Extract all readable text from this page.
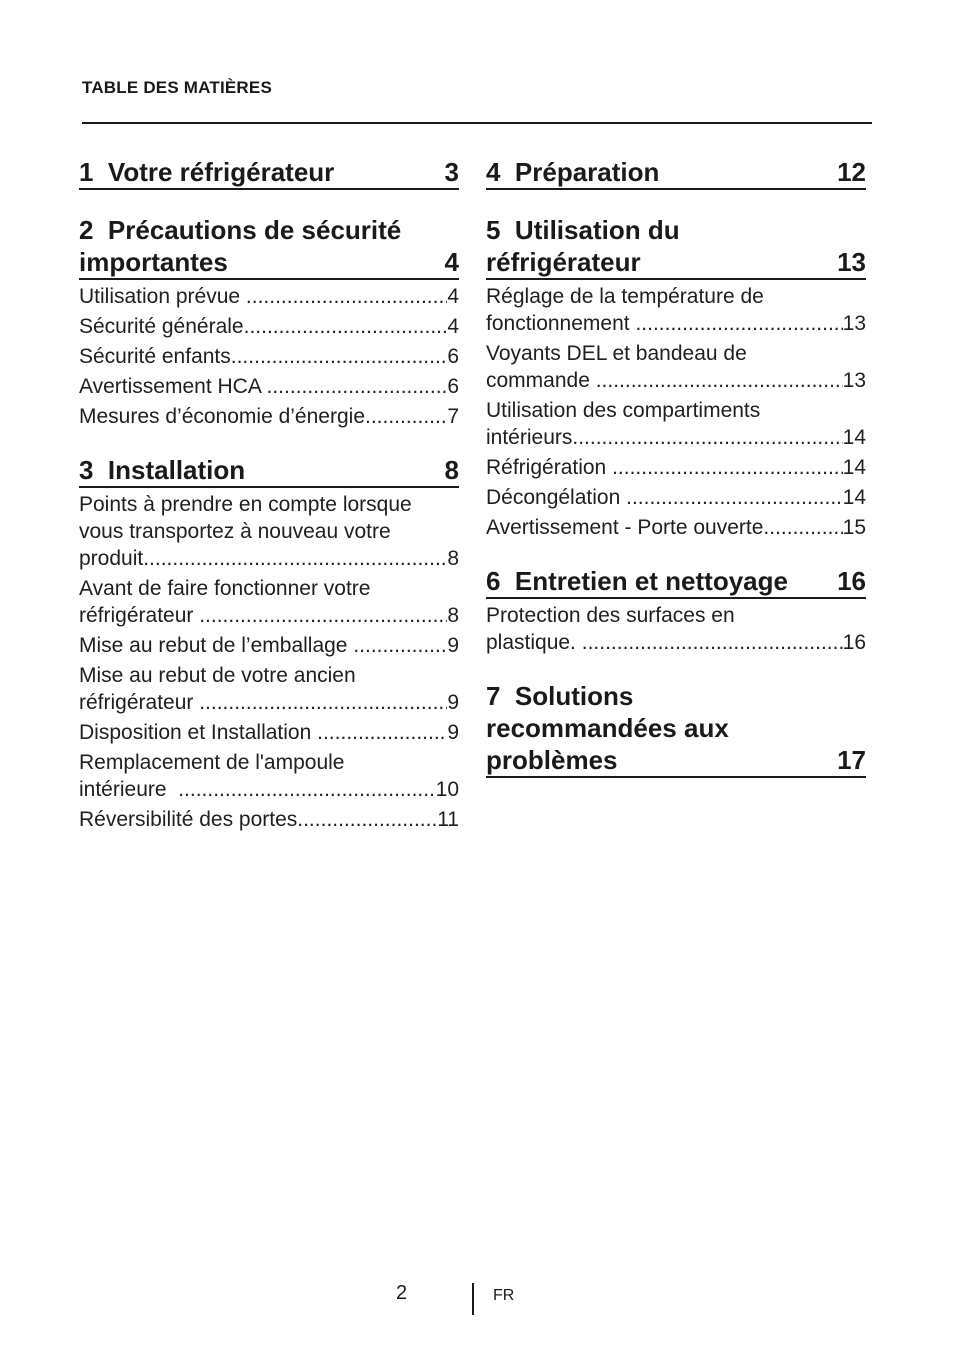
TABLE DES MATIÈRES
1 Votre réfrigérateur	3
2 Précautions de sécurité importantes	4
Utilisation prévue .....	4
Sécurité générale .....	4
Sécurité enfants .....	6
Avertissement HCA .....	6
Mesures d’économie d’énergie .....	7
3 Installation	8
Points à prendre en compte lorsque
vous transportez à nouveau votre
produit .....	8
Avant de faire fonctionner votre
réfrigérateur .....	8
Mise au rebut de l’emballage .....	9
Mise au rebut de votre ancien
réfrigérateur .....	9
Disposition et Installation .....	9
Remplacement de l'ampoule
intérieure .....	10
Réversibilité des portes .....	11
4 Préparation	12
5 Utilisation du réfrigérateur	13
Réglage de la température de
fonctionnement .....	13
Voyants DEL et bandeau de
commande .....	13
Utilisation des compartiments
intérieurs .....	14
Réfrigération .....	14
Décongélation .....	14
Avertissement - Porte ouverte .....	15
6 Entretien et nettoyage	16
Protection des surfaces en
plastique. .....	16
7 Solutions recommandées aux problèmes	17
2	FR
